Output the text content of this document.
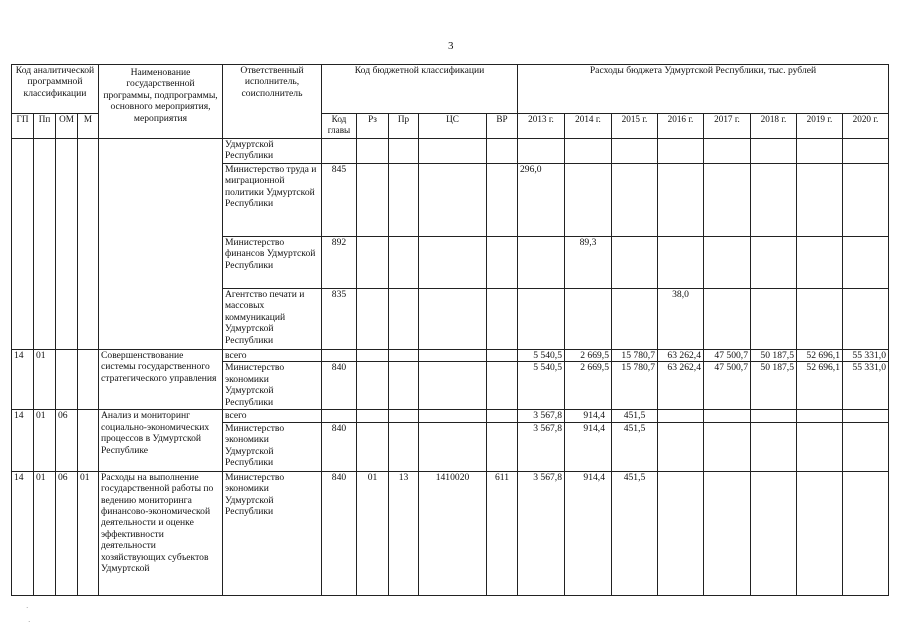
3
Код аналитической программной классификации				Наименование государственной программы, подпрограммы, основного мероприятия, мероприятия	Ответственный исполнитель, соисполнитель	Код бюджетной классификации					Расходы бюджета Удмуртской Республики, тыс. рублей							
ГП	Пп	ОМ	М			Код главы	Рз	Пр	ЦС	ВР	2013 г.	2014 г.	2015 г.	2016 г.	2017 г.	2018 г.	2019 г.	2020 г.
					Удмуртской Республики													
					Министерство труда и миграционной политики Удмуртской Республики	845					296,0							
					Министерство финансов Удмуртской Республики	892						89,3						
					Агентство печати и массовых коммуникаций Удмуртской Республики	835								38,0				
14	01			Совершенствование системы государственного стратегического управления	всего						5 540,5	2 669,5	15 780,7	63 262,4	47 500,7	50 187,5	52 696,1	55 331,0
					Министерство экономики Удмуртской Республики	840					5 540,5	2 669,5	15 780,7	63 262,4	47 500,7	50 187,5	52 696,1	55 331,0
14	01	06		Анализ и мониторинг социально-экономических процессов в Удмуртской Республике	всего						3 567,8	914,4	451,5					
					Министерство экономики Удмуртской Республики	840					3 567,8	914,4	451,5					
14	01	06	01	Расходы на выполнение государственной работы по ведению мониторинга финансово-экономической деятельности и оценке эффективности деятельности хозяйствующих субъектов Удмуртской	Министерство экономики Удмуртской Республики	840	01	13	1410020	611	3 567,8	914,4	451,5					
·
·
